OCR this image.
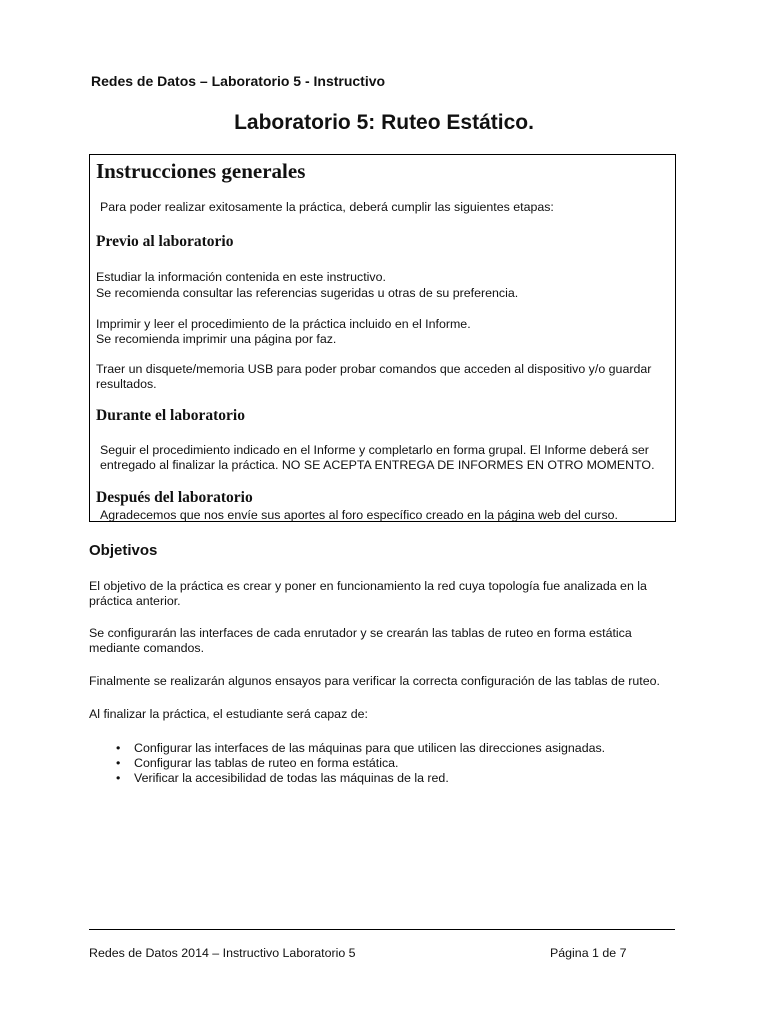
Redes de Datos – Laboratorio 5 - Instructivo
Laboratorio 5: Ruteo Estático.
Instrucciones generales
Para poder realizar exitosamente la práctica, deberá cumplir las siguientes etapas:
Previo al laboratorio
Estudiar la información contenida en este instructivo.
Se recomienda consultar las referencias sugeridas u otras de su preferencia.
Imprimir y leer el procedimiento de la práctica incluido en el Informe.
Se recomienda imprimir una página por faz.
Traer un disquete/memoria USB para poder probar comandos que acceden al dispositivo y/o guardar
resultados.
Durante el laboratorio
Seguir el procedimiento indicado en el Informe y completarlo en forma grupal. El Informe deberá ser
entregado al finalizar la práctica. NO SE ACEPTA ENTREGA DE INFORMES EN OTRO MOMENTO.
Después del laboratorio
Agradecemos que nos envíe sus aportes al foro específico creado en la página web del curso.
Objetivos
El objetivo de la práctica es crear y poner en funcionamiento la red cuya topología fue analizada en la
práctica anterior.
Se configurarán las interfaces de cada enrutador y se crearán las tablas de ruteo en forma estática
mediante comandos.
Finalmente se realizarán algunos ensayos para verificar la correcta configuración de las tablas de ruteo.
Al finalizar la práctica, el estudiante será capaz de:
• Configurar las interfaces de las máquinas para que utilicen las direcciones asignadas.
• Configurar las tablas de ruteo en forma estática.
• Verificar la accesibilidad de todas las máquinas de la red.
Redes de Datos 2014 – Instructivo Laboratorio 5	Página 1 de 7
